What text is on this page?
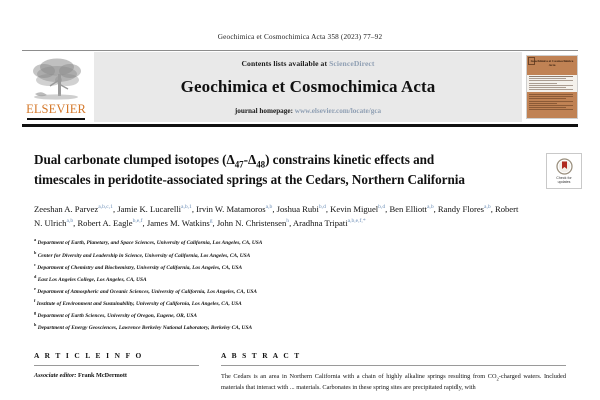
Geochimica et Cosmochimica Acta 358 (2023) 77–92
ELSEVIER
Contents lists available at ScienceDirect
Geochimica et Cosmochimica Acta
journal homepage: www.elsevier.com/locate/gca
Geochimica et Cosmochimica Acta
Check for
updates
Dual carbonate clumped isotopes $(\Delta_{47}-\Delta_{48})$ constrains kinetic effects and timescales in peridotite-associated springs at the Cedars, Northern California
Zeeshan A. Parvez$^{a,b,c,1}$, Jamie K. Lucarelli$^{a,b,1}$, Irvin W. Matamoros$^{a,b}$, Joshua Rubi$^{b,d}$, Kevin Miguel$^{b,d}$, Ben Elliott$^{a,b}$, Randy Flores$^{a,b}$, Robert N. Ulrich$^{a,b}$, Robert A. Eagle$^{b,e,f}$, James M. Watkins$^g$, John N. Christensen$^h$, Aradhna Tripati$^{a,b,e,f,*}$
$^a$ Department of Earth, Planetary, and Space Sciences, University of California, Los Angeles, CA, USA
$^b$ Center for Diversity and Leadership in Science, University of California, Los Angeles, CA, USA
$^c$ Department of Chemistry and Biochemistry, University of California, Los Angeles, CA, USA
$^d$ East Los Angeles College, Los Angeles, CA, USA
$^e$ Department of Atmospheric and Oceanic Sciences, University of California, Los Angeles, CA, USA
$^f$ Institute of Environment and Sustainability, University of California, Los Angeles, CA, USA
$^g$ Department of Earth Sciences, University of Oregon, Eugene, OR, USA
$^h$ Department of Energy Geosciences, Lawrence Berkeley National Laboratory, Berkeley CA, USA
A R T I C L E I N F O
Associate editor: Frank McDermott
A B S T R A C T
The Cedars is an area in Northern California with a chain of highly alkaline springs resulting from $CO_2$-charged waters. Included materials that interact with ... materials. Carbonates in these spring sites are precipitated rapidly, with
